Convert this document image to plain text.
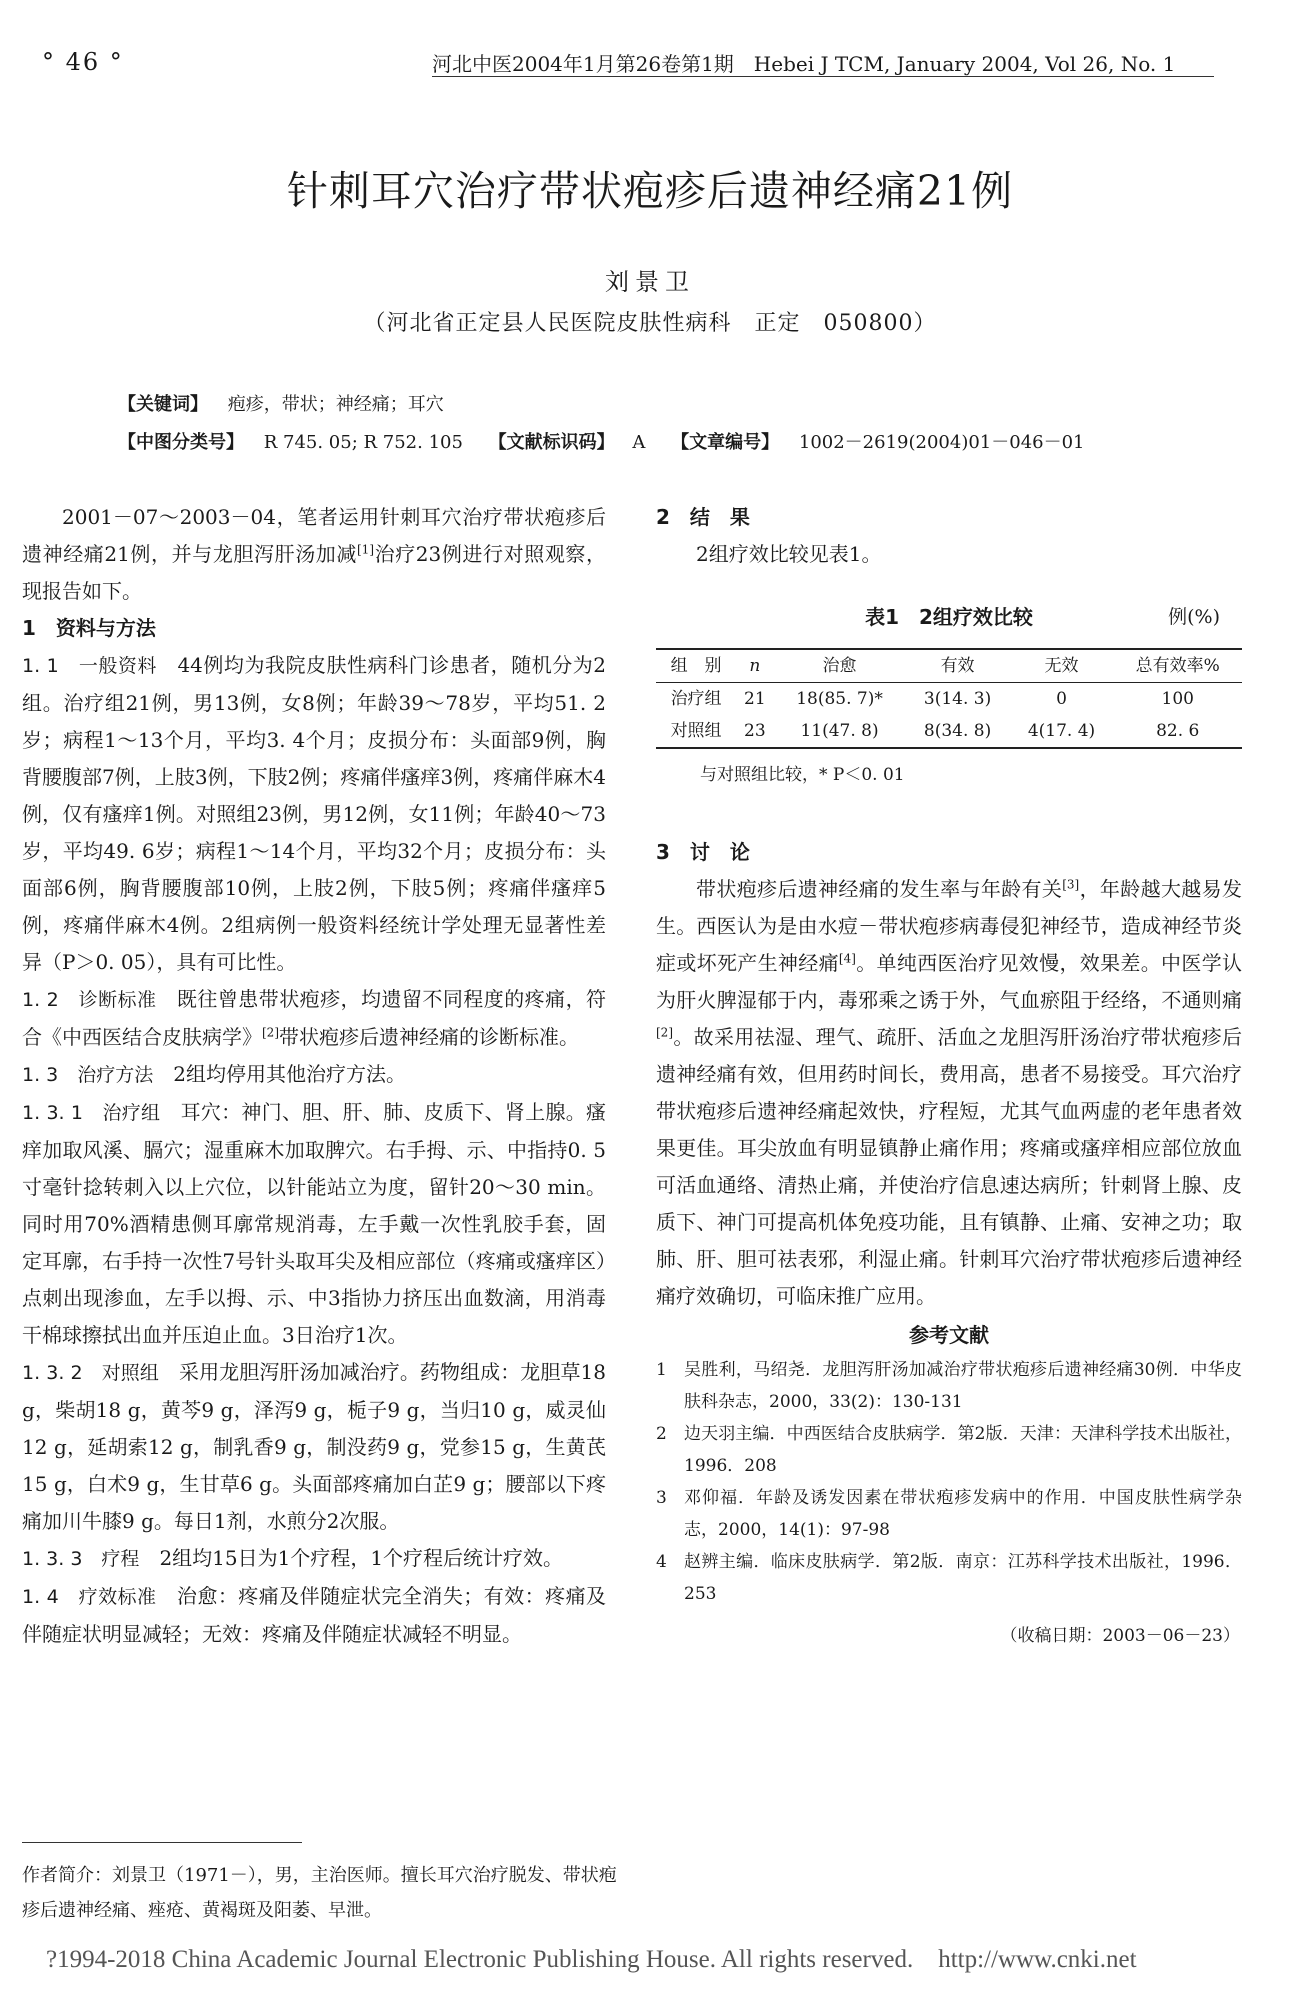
° 46 °	河北中医2004年1月第26卷第1期　Hebei J TCM, January 2004, Vol 26, No. 1
针刺耳穴治疗带状疱疹后遗神经痛21例
刘景卫
（河北省正定县人民医院皮肤性病科　正定　050800）
【关键词】 疱疹，带状；神经痛；耳穴
【中图分类号】 R 745. 05; R 752. 105 【文献标识码】 A 【文章编号】 1002－2619(2004)01－046－01

2001－07～2003－04，笔者运用针刺耳穴治疗带状疱疹后遗神经痛21例，并与龙胆泻肝汤加减[1]治疗23例进行对照观察，现报告如下。

1　资料与方法

1. 1　一般资料　 44例均为我院皮肤性病科门诊患者，随机分为2组。治疗组21例，男13例，女8例；年龄39～78岁，平均51. 2岁；病程1～13个月，平均3. 4个月；皮损分布：头面部9例，胸背腰腹部7例，上肢3例，下肢2例；疼痛伴瘙痒3例，疼痛伴麻木4例，仅有瘙痒1例。对照组23例，男12例，女11例；年龄40～73岁，平均49. 6岁；病程1～14个月，平均32个月；皮损分布：头面部6例，胸背腰腹部10例，上肢2例，下肢5例；疼痛伴瘙痒5例，疼痛伴麻木4例。2组病例一般资料经统计学处理无显著性差异（P＞0. 05），具有可比性。

1. 2　诊断标准　 既往曾患带状疱疹，均遗留不同程度的疼痛，符合《中西医结合皮肤病学》[2]带状疱疹后遗神经痛的诊断标准。

1. 3　治疗方法　 2组均停用其他治疗方法。

1. 3. 1　治疗组　 耳穴：神门、胆、肝、肺、皮质下、肾上腺。瘙痒加取风溪、膈穴；湿重麻木加取脾穴。右手拇、示、中指持0. 5寸毫针捻转刺入以上穴位，以针能站立为度，留针20～30 min。同时用70%酒精患侧耳廓常规消毒，左手戴一次性乳胶手套，固定耳廓，右手持一次性7号针头取耳尖及相应部位（疼痛或瘙痒区）点刺出现渗血，左手以拇、示、中3指协力挤压出血数滴，用消毒干棉球擦拭出血并压迫止血。3日治疗1次。

1. 3. 2　对照组　 采用龙胆泻肝汤加减治疗。药物组成：龙胆草18 g，柴胡18 g，黄芩9 g，泽泻9 g，栀子9 g，当归10 g，威灵仙12 g，延胡索12 g，制乳香9 g，制没药9 g，党参15 g，生黄芪15 g，白术9 g，生甘草6 g。头面部疼痛加白芷9 g；腰部以下疼痛加川牛膝9 g。每日1剂，水煎分2次服。

1. 3. 3　疗程　 2组均15日为1个疗程，1个疗程后统计疗效。

1. 4　疗效标准　 治愈：疼痛及伴随症状完全消失；有效：疼痛及伴随症状明显减轻；无效：疼痛及伴随症状减轻不明显。

2　结　果

2组疗效比较见表1。

表1　2组疗效比较	例(%)
组　别	n	治愈	有效	无效	总有效率%
治疗组	21	18(85. 7)*	3(14. 3)	0	100
对照组	23	11(47. 8)	8(34. 8)	4(17. 4)	82. 6

与对照组比较，* P＜0. 01

3　讨　论

带状疱疹后遗神经痛的发生率与年龄有关[3]，年龄越大越易发生。西医认为是由水痘－带状疱疹病毒侵犯神经节，造成神经节炎症或坏死产生神经痛[4]。单纯西医治疗见效慢，效果差。中医学认为肝火脾湿郁于内，毒邪乘之诱于外，气血瘀阻于经络，不通则痛[2]。故采用祛湿、理气、疏肝、活血之龙胆泻肝汤治疗带状疱疹后遗神经痛有效，但用药时间长，费用高，患者不易接受。耳穴治疗带状疱疹后遗神经痛起效快，疗程短，尤其气血两虚的老年患者效果更佳。耳尖放血有明显镇静止痛作用；疼痛或瘙痒相应部位放血可活血通络、清热止痛，并使治疗信息速达病所；针刺肾上腺、皮质下、神门可提高机体免疫功能，且有镇静、止痛、安神之功；取肺、肝、胆可祛表邪，利湿止痛。针刺耳穴治疗带状疱疹后遗神经痛疗效确切，可临床推广应用。

参考文献

1 吴胜利，马绍尧．龙胆泻肝汤加减治疗带状疱疹后遗神经痛30例．中华皮肤科杂志，2000，33(2)：130-131
2 边天羽主编．中西医结合皮肤病学．第2版．天津：天津科学技术出版社，1996．208
3 邓仰福．年龄及诱发因素在带状疱疹发病中的作用．中国皮肤性病学杂志，2000，14(1)：97-98
4 赵辨主编．临床皮肤病学．第2版．南京：江苏科学技术出版社，1996．253

（收稿日期：2003－06－23）

作者简介：刘景卫（1971－），男，主治医师。擅长耳穴治疗脱发、带状疱疹后遗神经痛、痤疮、黄褐斑及阳萎、早泄。
?1994-2018 China Academic Journal Electronic Publishing House. All rights reserved.　http://www.cnki.net
